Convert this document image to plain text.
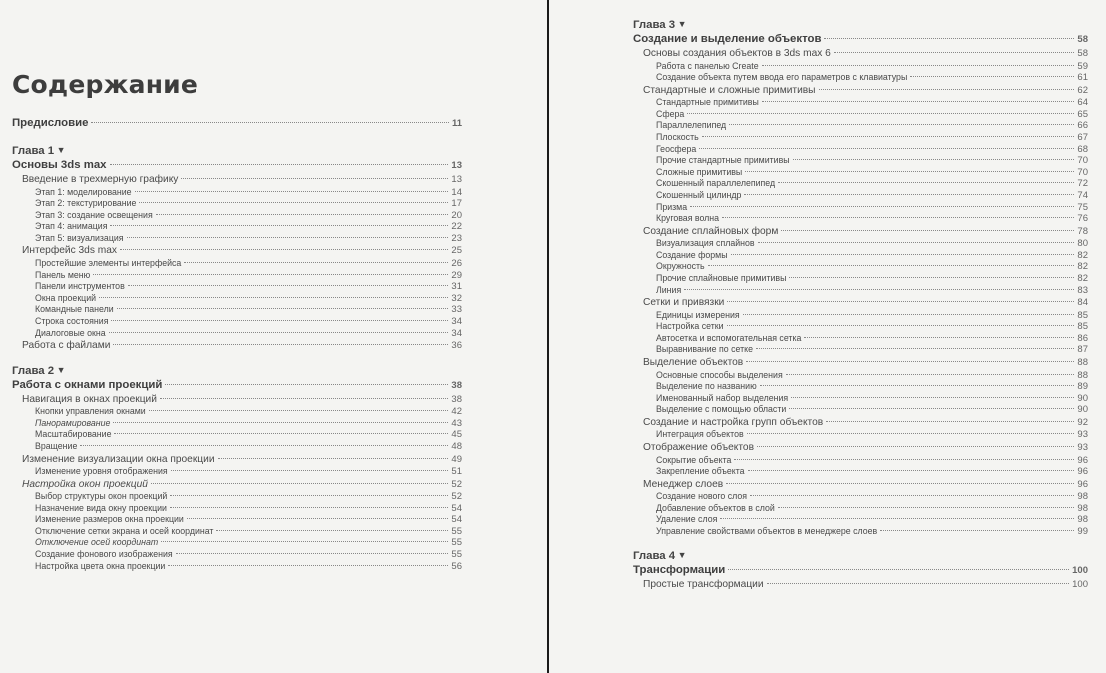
Содержание
Предисловие	11
Глава 1 ▼
Основы 3ds max	13
Введение в трехмерную графику	13
Этап 1: моделирование	14
Этап 2: текстурирование	17
Этап 3: создание освещения	20
Этап 4: анимация	22
Этап 5: визуализация	23
Интерфейс 3ds max	25
Простейшие элементы интерфейса	26
Панель меню	29
Панели инструментов	31
Окна проекций	32
Командные панели	33
Строка состояния	34
Диалоговые окна	34
Работа с файлами	36
Глава 2 ▼
Работа с окнами проекций	38
Навигация в окнах проекций	38
Кнопки управления окнами	42
Панорамирование	43
Масштабирование	45
Вращение	48
Изменение визуализации окна проекции	49
Изменение уровня отображения	51
Настройка окон проекций	52
Выбор структуры окон проекций	52
Назначение вида окну проекции	54
Изменение размеров окна проекции	54
Отключение сетки экрана и осей координат	55
Отключение осей координат	55
Создание фонового изображения	55
Настройка цвета окна проекции	56
Глава 3 ▼
Создание и выделение объектов	58
Основы создания объектов в 3ds max 6	58
Работа с панелью Create	59
Создание объекта путем ввода его параметров с клавиатуры	61
Стандартные и сложные примитивы	62
Стандартные примитивы	64
Сфера	65
Параллелепипед	66
Плоскость	67
Геосфера	68
Прочие стандартные примитивы	70
Сложные примитивы	70
Скошенный параллелепипед	72
Скошенный цилиндр	74
Призма	75
Круговая волна	76
Создание сплайновых форм	78
Визуализация сплайнов	80
Создание формы	82
Окружность	82
Прочие сплайновые примитивы	82
Линия	83
Сетки и привязки	84
Единицы измерения	85
Настройка сетки	85
Автосетка и вспомогательная сетка	86
Выравнивание по сетке	87
Выделение объектов	88
Основные способы выделения	88
Выделение по названию	89
Именованный набор выделения	90
Выделение с помощью области	90
Создание и настройка групп объектов	92
Интеграция объектов	93
Отображение объектов	93
Сокрытие объекта	96
Закрепление объекта	96
Менеджер слоев	96
Создание нового слоя	98
Добавление объектов в слой	98
Удаление слоя	98
Управление свойствами объектов в менеджере слоев	99
Глава 4 ▼
Трансформации	100
Простые трансформации	100
